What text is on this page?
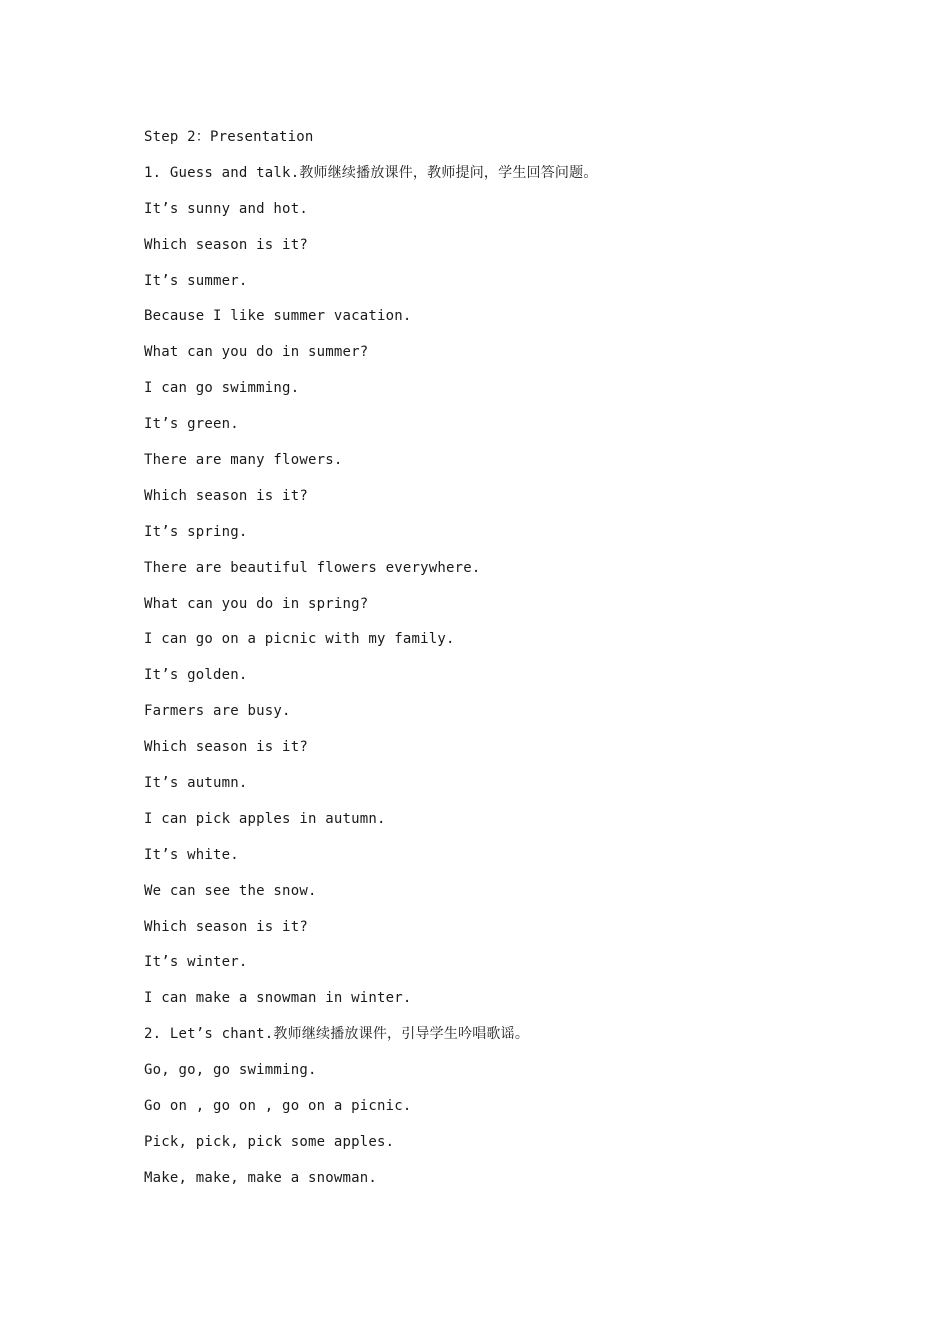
Step 2：Presentation
1. Guess and talk.教师继续播放课件，教师提问，学生回答问题。
It’s sunny and hot.
Which season is it?
It’s summer.
Because I like summer vacation.
What can you do in summer?
I can go swimming.
It’s green.
There are many flowers.
Which season is it?
It’s spring.
There are beautiful flowers everywhere.
What can you do in spring?
I can go on a picnic with my family.
It’s golden.
Farmers are busy.
Which season is it?
It’s autumn.
I can pick apples in autumn.
It’s white.
We can see the snow.
Which season is it?
It’s winter.
I can make a snowman in winter.
2. Let’s chant.教师继续播放课件，引导学生吟唱歌谣。
Go, go, go swimming.
Go on , go on , go on a picnic.
Pick, pick, pick some apples.
Make, make, make a snowman.
